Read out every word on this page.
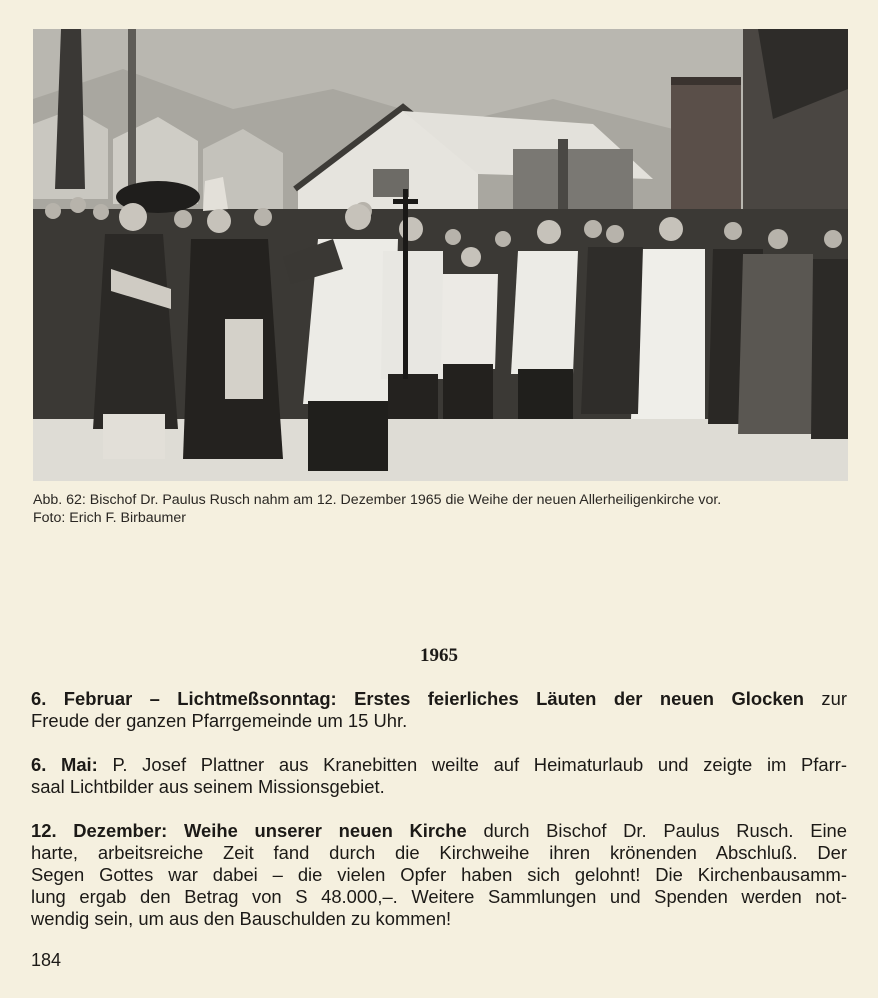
Abb. 62: Bischof Dr. Paulus Rusch nahm am 12. Dezember 1965 die Weihe der neuen Allerheiligenkirche vor.
Foto: Erich F. Birbaumer
1965
6. Februar – Lichtmeßsonntag: Erstes feierliches Läuten der neuen Glocken zur
Freude der ganzen Pfarrgemeinde um 15 Uhr.
6. Mai: P. Josef Plattner aus Kranebitten weilte auf Heimaturlaub und zeigte im Pfarr-
saal Lichtbilder aus seinem Missionsgebiet.
12. Dezember: Weihe unserer neuen Kirche durch Bischof Dr. Paulus Rusch. Eine
harte, arbeitsreiche Zeit fand durch die Kirchweihe ihren krönenden Abschluß. Der
Segen Gottes war dabei – die vielen Opfer haben sich gelohnt! Die Kirchenbausamm-
lung ergab den Betrag von S 48.000,–. Weitere Sammlungen und Spenden werden not-
wendig sein, um aus den Bauschulden zu kommen!
184
